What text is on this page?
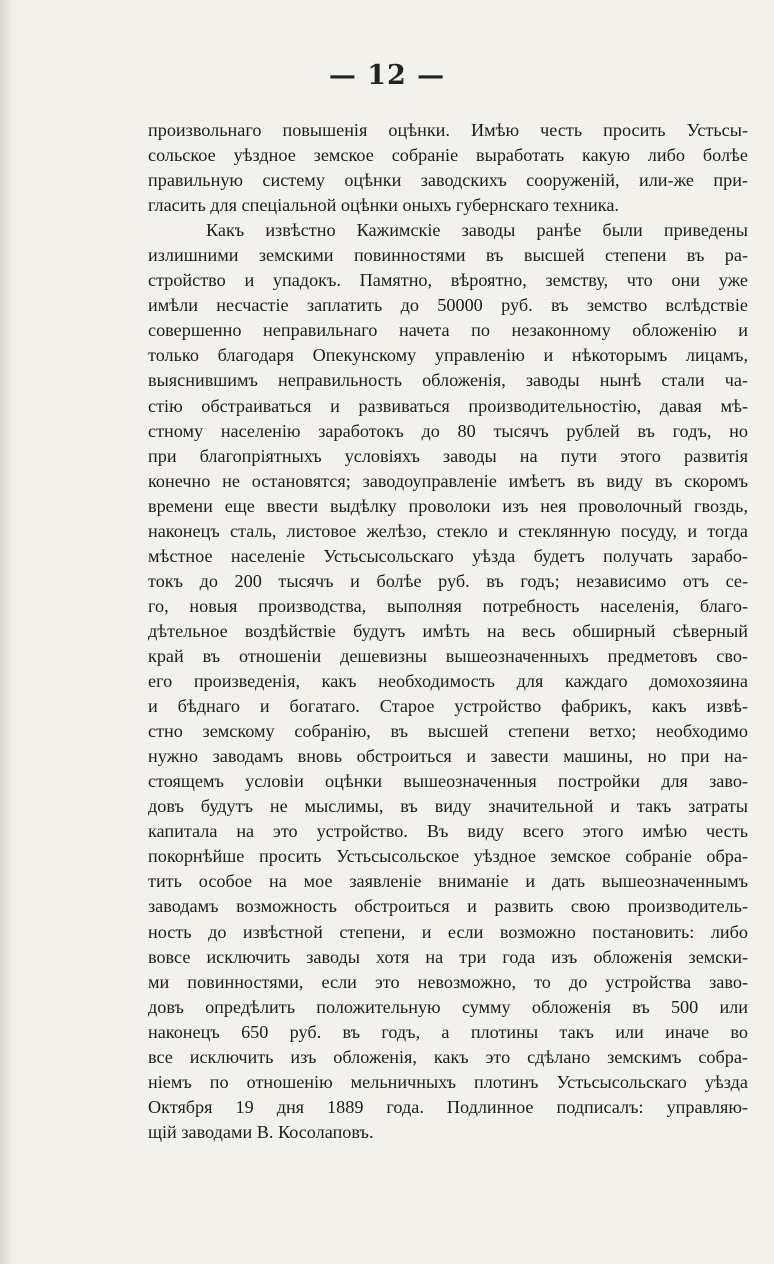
— 12 —
произвольнаго повышенія оцѣнки. Имѣю честь просить Устьсы-
сольское уѣздное земское собраніе выработать какую либо болѣе
правильную систему оцѣнки заводскихъ сооруженій, или-же при-
гласить для спеціальной оцѣнки оныхъ губернскаго техника.
Какъ извѣстно Кажимскіе заводы ранѣе были приведены
излишними земскими повинностями въ высшей степени въ ра-
стройство и упадокъ. Памятно, вѣроятно, земству, что они уже
имѣли несчастіе заплатить до 50000 руб. въ земство вслѣдствіе
совершенно неправильнаго начета по незаконному обложенію и
только благодаря Опекунскому управленію и нѣкоторымъ лицамъ,
выяснившимъ неправильность обложенія, заводы нынѣ стали ча-
стію обстраиваться и развиваться производительностію, давая мѣ-
стному населенію заработокъ до 80 тысячъ рублей въ годъ, но
при благопріятныхъ условіяхъ заводы на пути этого развитія
конечно не остановятся; заводоуправленіе имѣетъ въ виду въ скоромъ
времени еще ввести выдѣлку проволоки изъ нея проволочный гвоздь,
наконецъ сталь, листовое желѣзо, стекло и стеклянную посуду, и тогда
мѣстное населеніе Устьсысольскаго уѣзда будетъ получать зарабо-
токъ до 200 тысячъ и болѣе руб. въ годъ; независимо отъ се-
го, новыя производства, выполняя потребность населенія, благо-
дѣтельное воздѣйствіе будутъ имѣть на весь обширный сѣверный
край въ отношеніи дешевизны вышеозначенныхъ предметовъ сво-
его произведенія, какъ необходимость для каждаго домохозяина
и бѣднаго и богатаго. Старое устройство фабрикъ, какъ извѣ-
стно земскому собранію, въ высшей степени ветхо; необходимо
нужно заводамъ вновь обстроиться и завести машины, но при на-
стоящемъ условіи оцѣнки вышеозначенныя постройки для заво-
довъ будутъ не мыслимы, въ виду значительной и такъ затраты
капитала на это устройство. Въ виду всего этого имѣю честь
покорнѣйше просить Устьсысольское уѣздное земское собраніе обра-
тить особое на мое заявленіе вниманіе и дать вышеозначеннымъ
заводамъ возможность обстроиться и развить свою производитель-
ность до извѣстной степени, и если возможно постановить: либо
вовсе исключить заводы хотя на три года изъ обложенія земски-
ми повинностями, если это невозможно, то до устройства заво-
довъ опредѣлить положительную сумму обложенія въ 500 или
наконецъ 650 руб. въ годъ, а плотины такъ или иначе во
все исключить изъ обложенія, какъ это сдѣлано земскимъ собра-
ніемъ по отношенію мельничныхъ плотинъ Устьсысольскаго уѣзда
Октября 19 дня 1889 года. Подлинное подписалъ: управляю-
щій заводами В. Косолаповъ.
